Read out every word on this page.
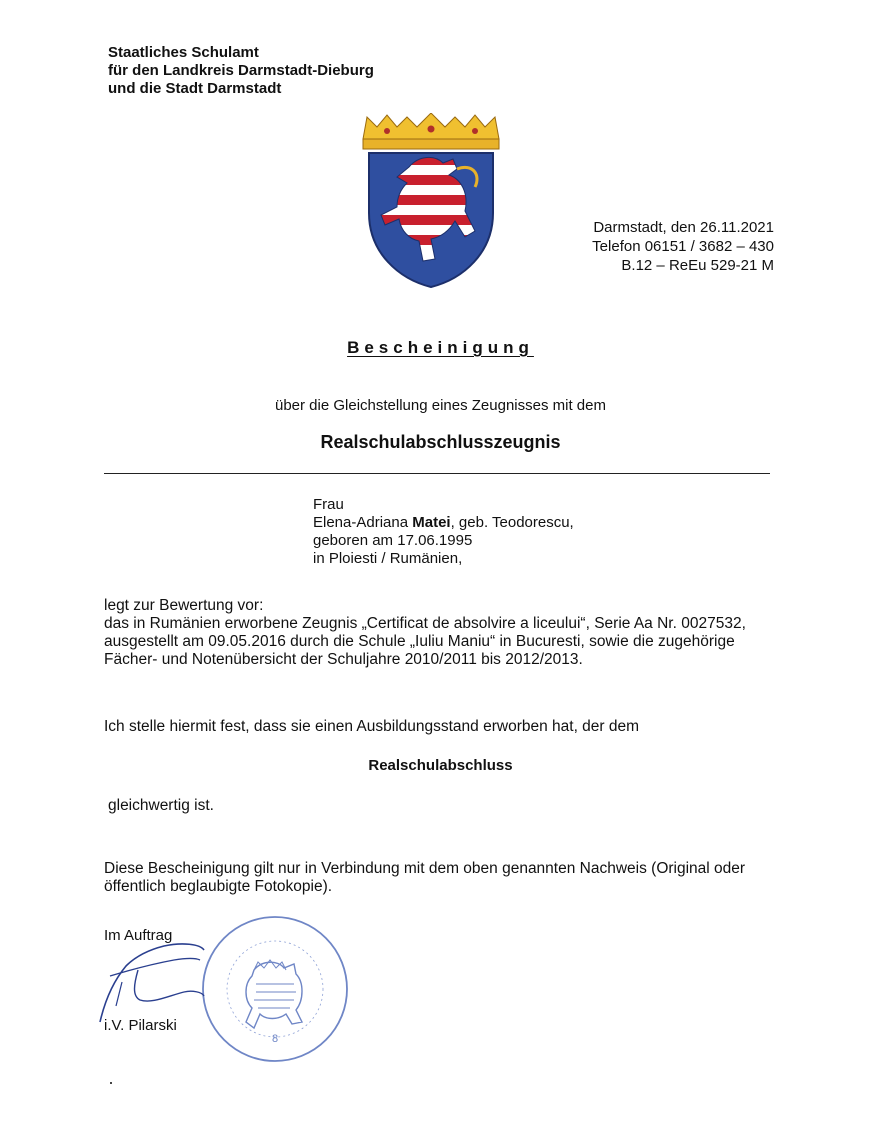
Staatliches Schulamt
für den Landkreis Darmstadt-Dieburg
und die Stadt Darmstadt
Darmstadt, den 26.11.2021
Telefon 06151 / 3682 – 430
B.12 – ReEu 529-21 M
Bescheinigung
über die Gleichstellung eines Zeugnisses mit dem
Realschulabschlusszeugnis
Frau
Elena-Adriana Matei, geb. Teodorescu,
geboren am 17.06.1995
in Ploiesti / Rumänien,
legt zur Bewertung vor:
das in Rumänien erworbene Zeugnis „Certificat de absolvire a liceului“, Serie Aa Nr. 0027532, ausgestellt am 09.05.2016 durch die Schule „Iuliu Maniu“ in Bucuresti, sowie die zugehörige Fächer- und Notenübersicht der Schuljahre 2010/2011 bis 2012/2013.
Ich stelle hiermit fest, dass sie einen Ausbildungsstand erworben hat, der dem
Realschulabschluss
gleichwertig ist.
Diese Bescheinigung gilt nur in Verbindung mit dem oben genannten Nachweis (Original oder öffentlich beglaubigte Fotokopie).
Im Auftrag
8
i.V. Pilarski
